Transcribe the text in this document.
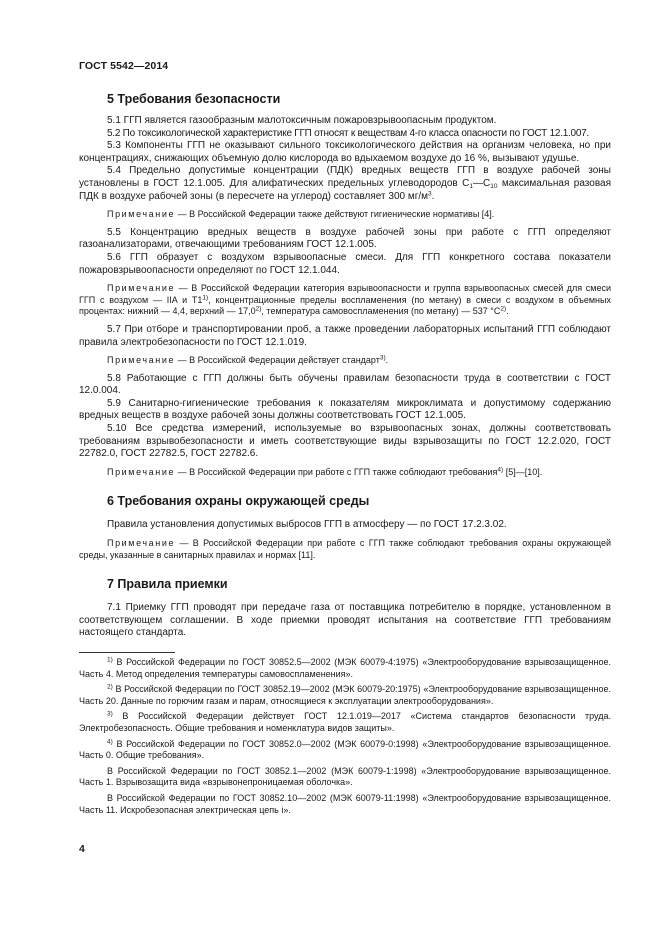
ГОСТ 5542—2014
5 Требования безопасности

5.1 ГГП является газообразным малотоксичным пожаровзрывоопасным продуктом.

5.2 По токсикологической характеристике ГГП относят к веществам 4-го класса опасности по ГОСТ 12.1.007.

5.3 Компоненты ГГП не оказывают сильного токсикологического действия на организм человека, но при концентрациях, снижающих объемную долю кислорода во вдыхаемом воздухе до 16 %, вызывают удушье.

5.4 Предельно допустимые концентрации (ПДК) вредных веществ ГГП в воздухе рабочей зоны установлены в ГОСТ 12.1.005. Для алифатических предельных углеводородов $C_1—C_{10}$ максимальная разовая ПДК в воздухе рабочей зоны (в пересчете на углерод) составляет 300 $мг/м^3$.

Примечание — В Российской Федерации также действуют гигиенические нормативы [4].

5.5 Концентрацию вредных веществ в воздухе рабочей зоны при работе с ГГП определяют газоанализаторами, отвечающими требованиям ГОСТ 12.1.005.

5.6 ГГП образует с воздухом взрывоопасные смеси. Для ГГП конкретного состава показатели пожаровзрывоопасности определяют по ГОСТ 12.1.044.

Примечание — В Российской Федерации категория взрывоопасности и группа взрывоопасных смесей для смеси ГГП с воздухом — IIA и T1$^{1)}$, концентрационные пределы воспламенения (по метану) в смеси с воздухом в объемных процентах: нижний — 4,4, верхний — 17,0$^{2)}$, температура самовоспламенения (по метану) — 537 $^\circ C^{2)}$.

5.7 При отборе и транспортировании проб, а также проведении лабораторных испытаний ГГП соблюдают правила электробезопасности по ГОСТ 12.1.019.

Примечание — В Российской Федерации действует стандарт$^{3)}$.

5.8 Работающие с ГГП должны быть обучены правилам безопасности труда в соответствии с ГОСТ 12.0.004.

5.9 Санитарно-гигиенические требования к показателям микроклимата и допустимому содержанию вредных веществ в воздухе рабочей зоны должны соответствовать ГОСТ 12.1.005.

5.10 Все средства измерений, используемые во взрывоопасных зонах, должны соответствовать требованиям взрывобезопасности и иметь соответствующие виды взрывозащиты по ГОСТ 12.2.020, ГОСТ 22782.0, ГОСТ 22782.5, ГОСТ 22782.6.

Примечание — В Российской Федерации при работе с ГГП также соблюдают требования$^{4)}$ [5]—[10].

6 Требования охраны окружающей среды

Правила установления допустимых выбросов ГГП в атмосферу — по ГОСТ 17.2.3.02.

Примечание — В Российской Федерации при работе с ГГП также соблюдают требования охраны окружающей среды, указанные в санитарных правилах и нормах [11].

7 Правила приемки

7.1 Приемку ГГП проводят при передаче газа от поставщика потребителю в порядке, установленном в соответствующем соглашении. В ходе приемки проводят испытания на соответствие ГГП требованиям настоящего стандарта.

$^{1)}$ В Российской Федерации по ГОСТ 30852.5—2002 (МЭК 60079-4:1975) «Электрооборудование взрывозащищенное. Часть 4. Метод определения температуры самовоспламенения».

$^{2)}$ В Российской Федерации по ГОСТ 30852.19—2002 (МЭК 60079-20:1975) «Электрооборудование взрывозащищенное. Часть 20. Данные по горючим газам и парам, относящиеся к эксплуатации электрооборудования».

$^{3)}$ В Российской Федерации действует ГОСТ 12.1.019—2017 «Система стандартов безопасности труда. Электробезопасность. Общие требования и номенклатура видов защиты».

$^{4)}$ В Российской Федерации по ГОСТ 30852.0—2002 (МЭК 60079-0:1998) «Электрооборудование взрывозащищенное. Часть 0. Общие требования».

В Российской Федерации по ГОСТ 30852.1—2002 (МЭК 60079-1:1998) «Электрооборудование взрывозащищенное. Часть 1. Взрывозащита вида «взрывонепроницаемая оболочка».

В Российской Федерации по ГОСТ 30852.10—2002 (МЭК 60079-11:1998) «Электрооборудование взрывозащищенное. Часть 11. Искробезопасная электрическая цепь i».

4
